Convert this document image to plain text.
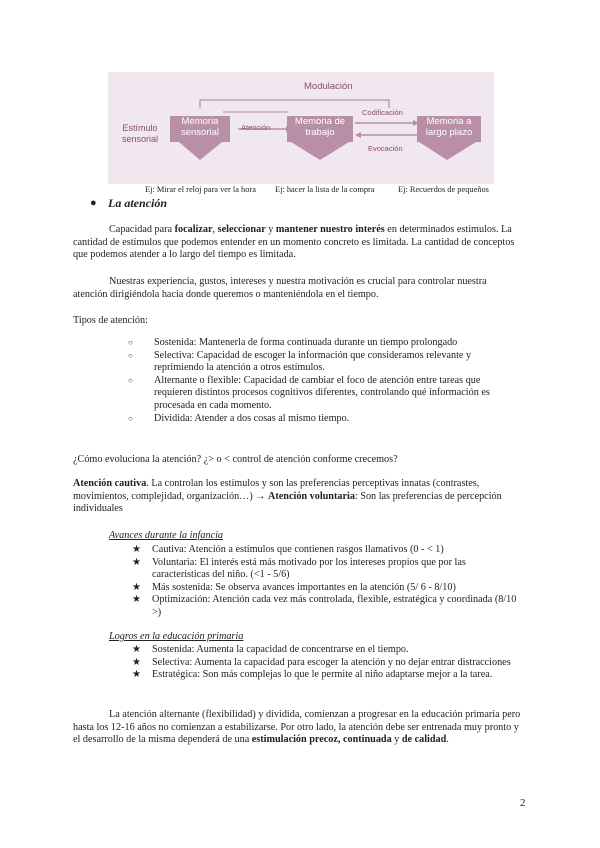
Modulación
Estímulo sensorial
Memoria sensorial	Atención
Memoria de trabajo
Codificación
Evocación
Memoria a largo plazo
Ej: Mirar el reloj para ver la hora Ej: hacer la lista de la compra	Ej: Recuerdos de pequeños
● La atención
Capacidad para focalizar, seleccionar y mantener nuestro interés en determinados estímulos. La cantidad de estímulos que podemos entender en un momento concreto es limitada. La cantidad de conceptos que podemos atender a lo largo del tiempo es limitada.
Nuestras experiencia, gustos, intereses y nuestra motivación es crucial para controlar nuestra atención dirigiéndola hacia donde queremos o manteniéndola en el tiempo.
Tipos de atención:
○ Sostenida: Mantenerla de forma continuada durante un tiempo prolongado
○ Selectiva: Capacidad de escoger la información que consideramos relevante y reprimiendo la atención a otros estímulos.
○ Alternante o flexible: Capacidad de cambiar el foco de atención entre tareas que requieren distintos procesos cognitivos diferentes, controlando qué información es procesada en cada momento.
○ Dividida: Atender a dos cosas al mismo tiempo.
¿Cómo evoluciona la atención? ¿> o < control de atención conforme crecemos?
Atención cautiva. La controlan los estímulos y son las preferencias perceptivas innatas (contrastes, movimientos, complejidad, organización…) → Atención voluntaria: Son las preferencias de percepción individuales
Avances durante la infancia
★ Cautiva: Atención a estímulos que contienen rasgos llamativos (0 - < 1)
★ Voluntaria: El interés está más motivado por los intereses propios que por las características del niño. (<1 - 5/6)
★ Más sostenida: Se observa avances importantes en la atención (5/ 6 - 8/10)
★ Optimización: Atención cada vez más controlada, flexible, estratégica y coordinada (8/10 >)
Logros en la educación primaria
★ Sostenida: Aumenta la capacidad de concentrarse en el tiempo.
★ Selectiva: Aumenta la capacidad para escoger la atención y no dejar entrar distracciones
★ Estratégica: Son más complejas lo que le permite al niño adaptarse mejor a la tarea.
La atención alternante (flexibilidad) y dividida, comienzan a progresar en la educación primaria pero hasta los 12-16 años no comienzan a estabilizarse. Por otro lado, la atención debe ser entrenada muy pronto y el desarrollo de la misma dependerá de una estimulación precoz, continuada y de calidad.
2
